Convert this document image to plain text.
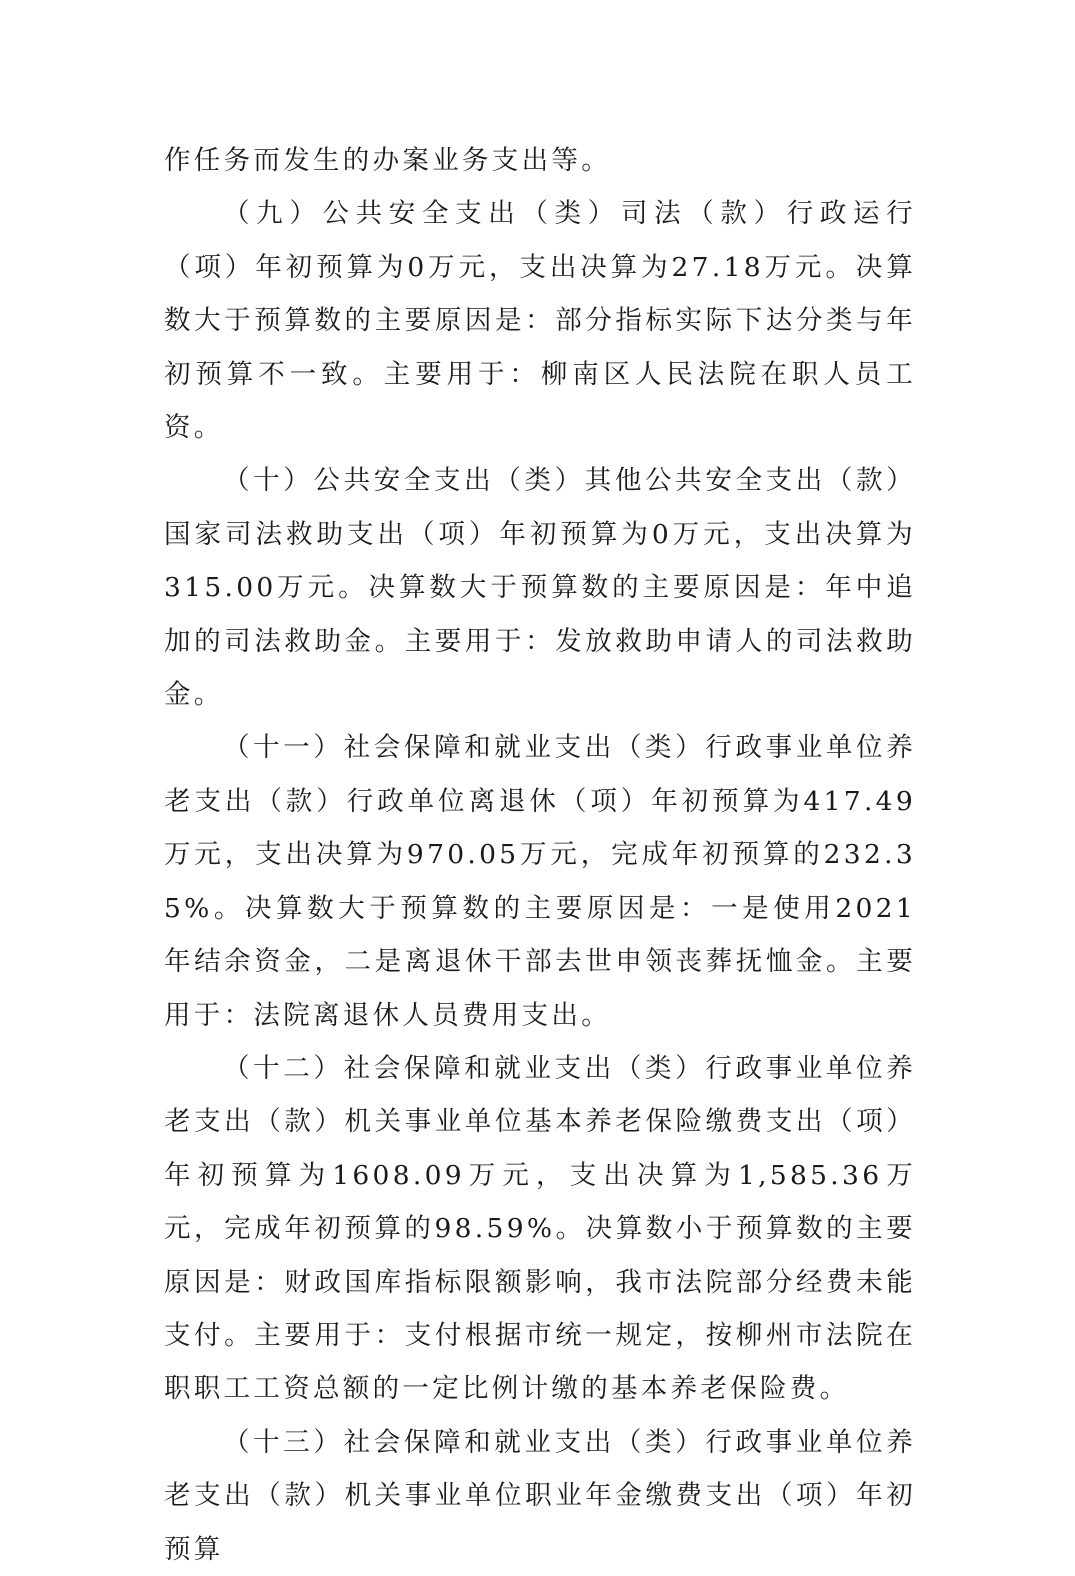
作任务而发生的办案业务支出等。

（九）公共安全支出（类）司法（款）行政运行（项）年初预算为0万元，支出决算为27.18万元。决算数大于预算数的主要原因是：部分指标实际下达分类与年初预算不一致。主要用于：柳南区人民法院在职人员工资。

（十）公共安全支出（类）其他公共安全支出（款）国家司法救助支出（项）年初预算为0万元，支出决算为315.00万元。决算数大于预算数的主要原因是：年中追加的司法救助金。主要用于：发放救助申请人的司法救助金。

（十一）社会保障和就业支出（类）行政事业单位养老支出（款）行政单位离退休（项）年初预算为417.49万元，支出决算为970.05万元，完成年初预算的232.35%。决算数大于预算数的主要原因是：一是使用2021年结余资金，二是离退休干部去世申领丧葬抚恤金。主要用于：法院离退休人员费用支出。

（十二）社会保障和就业支出（类）行政事业单位养老支出（款）机关事业单位基本养老保险缴费支出（项）年初预算为1608.09万元，支出决算为1,585.36万元，完成年初预算的98.59%。决算数小于预算数的主要原因是：财政国库指标限额影响，我市法院部分经费未能支付。主要用于：支付根据市统一规定，按柳州市法院在职职工工资总额的一定比例计缴的基本养老保险费。

（十三）社会保障和就业支出（类）行政事业单位养老支出（款）机关事业单位职业年金缴费支出（项）年初预算
